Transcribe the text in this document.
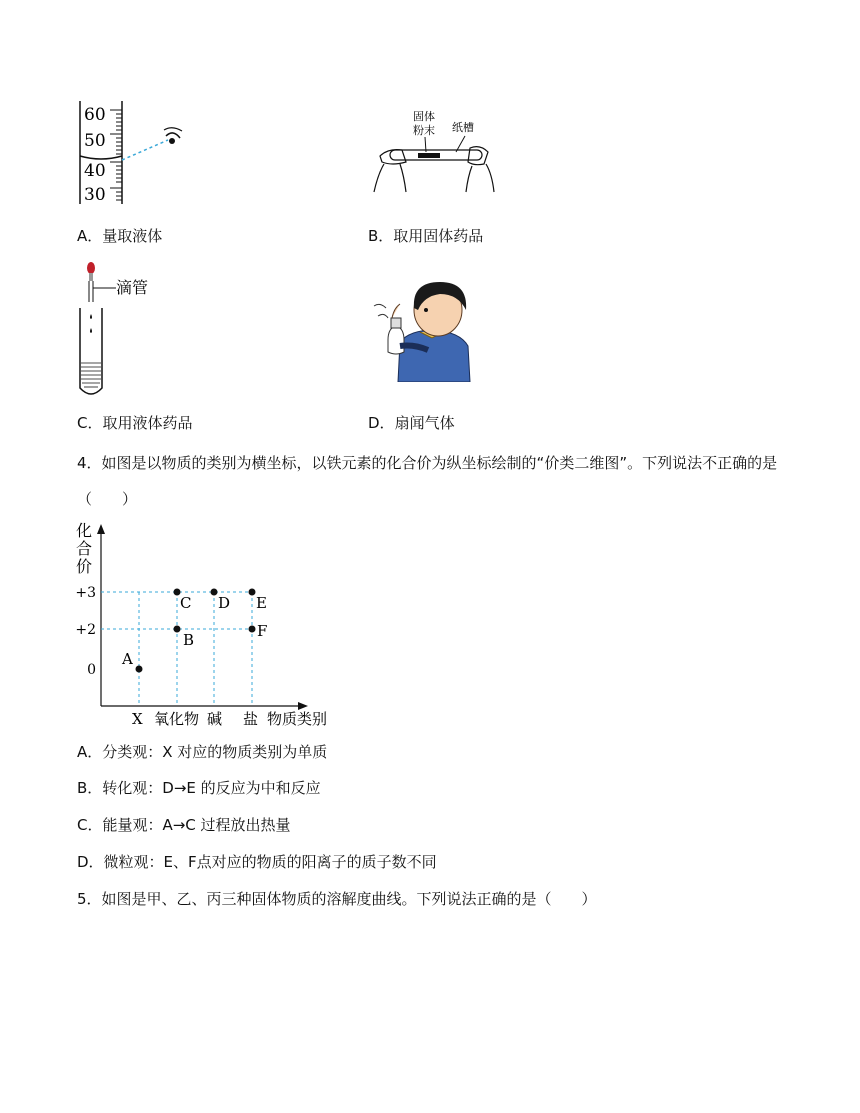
60
50
40
30
固体
粉末 纸槽
A．量取液体	B．取用固体药品
滴管
C．取用液体药品	D．扇闻气体
4．如图是以物质的类别为横坐标，以铁元素的化合价为纵坐标绘制的“价类二维图”。下列说法不正确的是
（　　）
+3
+2
0
化
合
价
X 氧化物 碱 盐 物质类别
A
B
C D E
F
A．分类观：X 对应的物质类别为单质
B．转化观：D→E 的反应为中和反应
C．能量观：A→C 过程放出热量
D．微粒观：E、F点对应的物质的阳离子的质子数不同
5．如图是甲、乙、丙三种固体物质的溶解度曲线。下列说法正确的是（　　）
